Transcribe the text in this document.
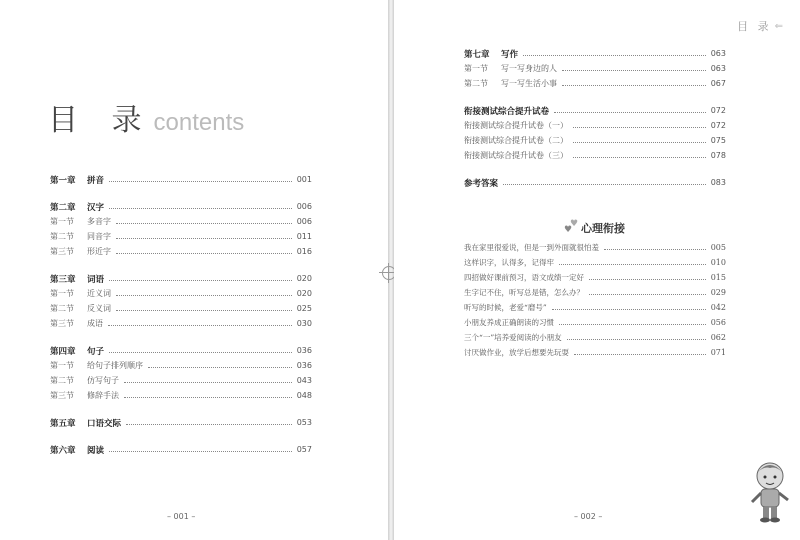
目 录 contents
第一章 拼音	001
第二章 汉字	006
第一节 多音字	006
第二节 同音字	011
第三节 形近字	016
第三章 词语	020
第一节 近义词	020
第二节 反义词	025
第三节 成语	030
第四章 句子	036
第一节 给句子排列顺序	036
第二节 仿写句子	043
第三节 修辞手法	048
第五章 口语交际	053
第六章 阅读	057
– 001 –
目 录 ⇐
第七章 写作	063
第一节 写一写身边的人	063
第二节 写一写生活小事	067
衔接测试综合提升试卷	072
衔接测试综合提升试卷（一）	072
衔接测试综合提升试卷（二）	075
衔接测试综合提升试卷（三）	078
参考答案	083
♥
♥ 心理衔接
我在家里很爱说，但是一到外面就很怕羞	005
这样识字，认得多，记得牢	010
四招做好课前预习，语文成绩一定好	015
生字记不住，听写总是错，怎么办？	029
听写的时候，老爱“磨号”	042
小朋友养成正确朗读的习惯	056
三个“一”培养爱阅读的小朋友	062
讨厌做作业，放学后想要先玩耍	071
– 002 –
